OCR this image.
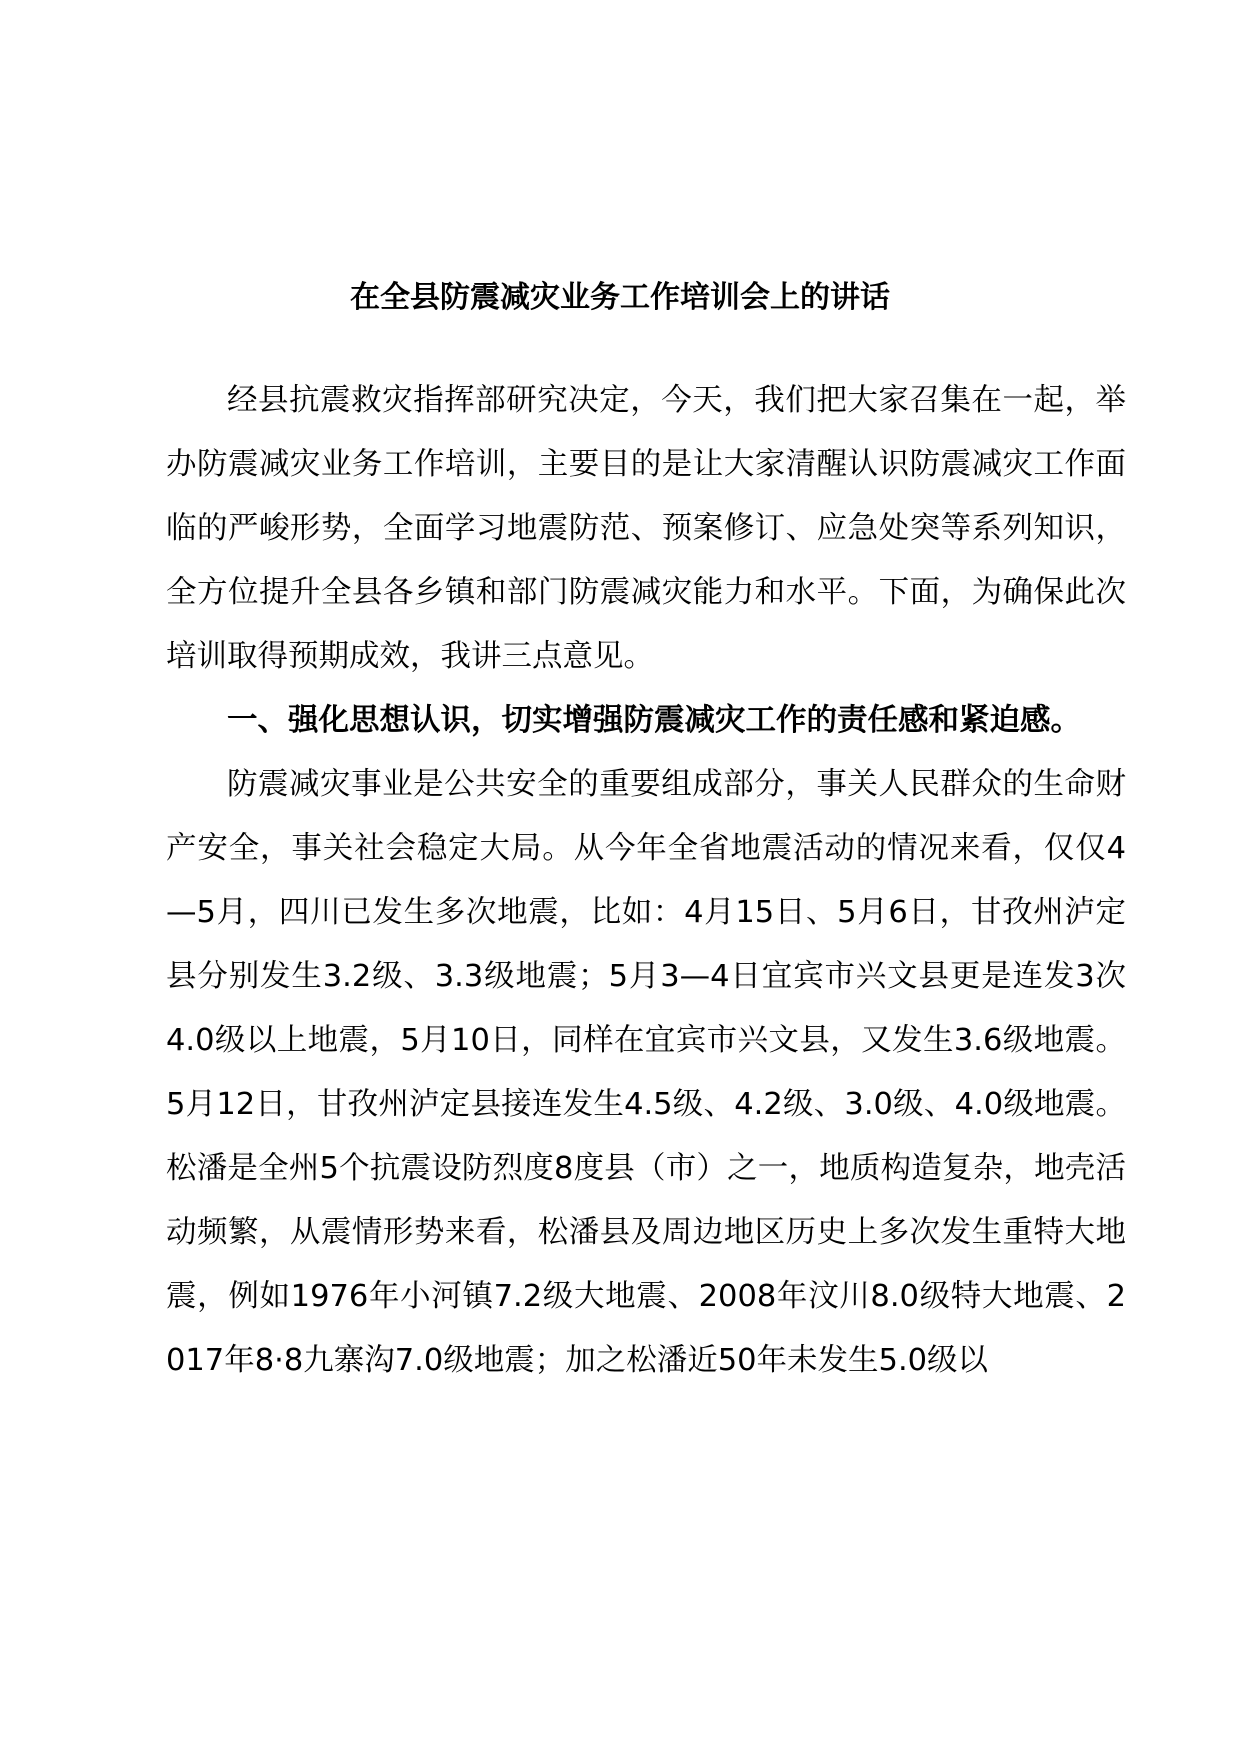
在全县防震减灾业务工作培训会上的讲话

经县抗震救灾指挥部研究决定，今天，我们把大家召集在一起，举办防震减灾业务工作培训，主要目的是让大家清醒认识防震减灾工作面临的严峻形势，全面学习地震防范、预案修订、应急处突等系列知识，全方位提升全县各乡镇和部门防震减灾能力和水平。下面，为确保此次培训取得预期成效，我讲三点意见。

一、强化思想认识，切实增强防震减灾工作的责任感和紧迫感。

防震减灾事业是公共安全的重要组成部分，事关人民群众的生命财产安全，事关社会稳定大局。从今年全省地震活动的情况来看，仅仅4—5月，四川已发生多次地震，比如：4月15日、5月6日，甘孜州泸定县分别发生3.2级、3.3级地震；5月3—4日宜宾市兴文县更是连发3次4.0级以上地震，5月10日，同样在宜宾市兴文县，又发生3.6级地震。5月12日，甘孜州泸定县接连发生4.5级、4.2级、3.0级、4.0级地震。松潘是全州5个抗震设防烈度8度县（市）之一，地质构造复杂，地壳活动频繁，从震情形势来看，松潘县及周边地区历史上多次发生重特大地震，例如1976年小河镇7.2级大地震、2008年汶川8.0级特大地震、2017年8·8九寨沟7.0级地震；加之松潘近50年未发生5.0级以
